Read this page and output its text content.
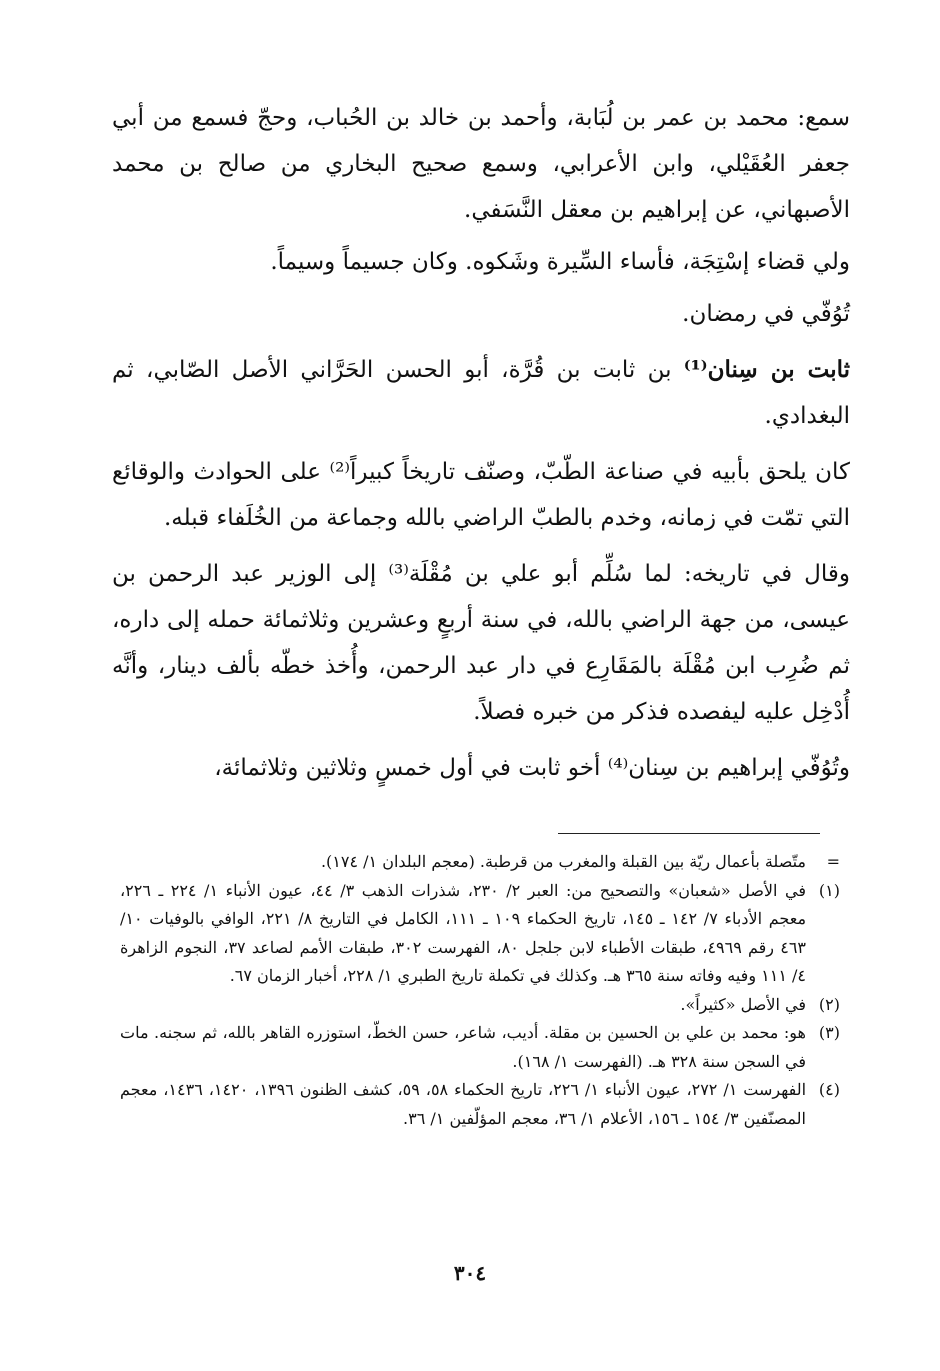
سمع: محمد بن عمر بن لُبَابة، وأحمد بن خالد بن الحُباب، وحجّ فسمع من أبي جعفر العُقَيْلي، وابن الأعرابي، وسمع صحيح البخاري من صالح بن محمد الأصبهاني، عن إبراهيم بن معقل النَّسَفي.

ولي قضاء إسْتِجَة، فأساء السِّيرة وشَكوه. وكان جسيماً وسيماً.

تُوُفّي في رمضان.

ثابت بن سِنان⁽¹⁾ بن ثابت بن قُرَّة، أبو الحسن الحَرَّاني الأصل الصّابي، ثم البغدادي.

كان يلحق بأبيه في صناعة الطّبّ، وصنّف تاريخاً كبيراً⁽²⁾ على الحوادث والوقائع التي تمّت في زمانه، وخدم بالطبّ الراضي بالله وجماعة من الخُلَفاء قبله.

وقال في تاريخه: لما سُلِّم أبو علي بن مُقْلَة⁽³⁾ إلى الوزير عبد الرحمن بن عيسى، من جهة الراضي بالله، في سنة أربعٍ وعشرين وثلاثمائة حمله إلى داره، ثم ضُرِب ابن مُقْلَة بالمَقَارِع في دار عبد الرحمن، وأُخذ خطّه بألف دينار، وأنَّه أُدْخِل عليه ليفصده فذكر من خبره فصلاً.

وتُوُفّي إبراهيم بن سِنان⁽⁴⁾ أخو ثابت في أول خمسٍ وثلاثين وثلاثمائة،

=
متّصلة بأعمال ريّة بين القبلة والمغرب من قرطبة. (معجم البلدان ١/ ١٧٤).
(١)
في الأصل «شعبان» والتصحيح من: العبر ٢/ ٢٣٠، شذرات الذهب ٣/ ٤٤، عيون الأنباء ١/ ٢٢٤ ـ ٢٢٦، معجم الأدباء ٧/ ١٤٢ ـ ١٤٥، تاريخ الحكماء ١٠٩ ـ ١١١، الكامل في التاريخ ٨/ ٢٢١، الوافي بالوفيات ١٠/ ٤٦٣ رقم ٤٩٦٩، طبقات الأطباء لابن جلجل ٨٠، الفهرست ٣٠٢، طبقات الأمم لصاعد ٣٧، النجوم الزاهرة ٤/ ١١١ وفيه وفاته سنة ٣٦٥ هـ. وكذلك في تكملة تاريخ الطبري ١/ ٢٢٨، أخبار الزمان ٦٧.
(٢)
في الأصل «كثيراً».
(٣)
هو: محمد بن علي بن الحسين بن مقلة. أديب، شاعر، حسن الخطّ، استوزره القاهر بالله، ثم سجنه. مات في السجن سنة ٣٢٨ هـ. (الفهرست ١/ ١٦٨).
(٤)
الفهرست ١/ ٢٧٢، عيون الأنباء ١/ ٢٢٦، تاريخ الحكماء ٥٨، ٥٩، كشف الظنون ١٣٩٦، ١٤٢٠، ١٤٣٦، معجم المصنّفين ٣/ ١٥٤ ـ ١٥٦، الأعلام ١/ ٣٦، معجم المؤلّفين ١/ ٣٦.
٣٠٤
